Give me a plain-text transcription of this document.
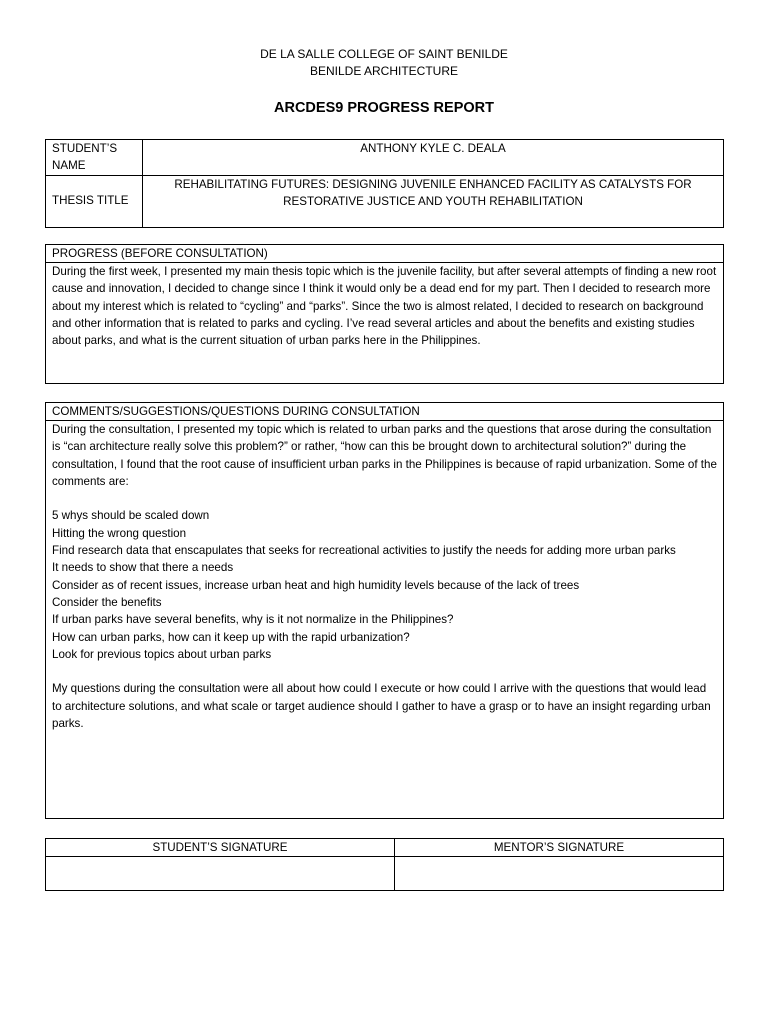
DE LA SALLE COLLEGE OF SAINT BENILDE
BENILDE ARCHITECTURE
ARCDES9 PROGRESS REPORT
STUDENT’S NAME	ANTHONY KYLE C. DEALA
THESIS TITLE	REHABILITATING FUTURES: DESIGNING JUVENILE ENHANCED FACILITY AS CATALYSTS FOR RESTORATIVE JUSTICE AND YOUTH REHABILITATION
PROGRESS (BEFORE CONSULTATION)

During the first week, I presented my main thesis topic which is the juvenile facility, but after several attempts of finding a new root cause and innovation, I decided to change since I think it would only be a dead end for my part. Then I decided to research more about my interest which is related to “cycling” and “parks”. Since the two is almost related, I decided to research on background and other information that is related to parks and cycling. I’ve read several articles and about the benefits and existing studies about parks, and what is the current situation of urban parks here in the Philippines.

COMMENTS/SUGGESTIONS/QUESTIONS DURING CONSULTATION

During the consultation, I presented my topic which is related to urban parks and the questions that arose during the consultation is “can architecture really solve this problem?” or rather, “how can this be brought down to architectural solution?” during the consultation, I found that the root cause of insufficient urban parks in the Philippines is because of rapid urbanization. Some of the comments are:

5 whys should be scaled down
Hitting the wrong question
Find research data that enscapulates that seeks for recreational activities to justify the needs for adding more urban parks
It needs to show that there a needs
Consider as of recent issues, increase urban heat and high humidity levels because of the lack of trees
Consider the benefits
If urban parks have several benefits, why is it not normalize in the Philippines?
How can urban parks, how can it keep up with the rapid urbanization?
Look for previous topics about urban parks

My questions during the consultation were all about how could I execute or how could I arrive with the questions that would lead to architecture solutions, and what scale or target audience should I gather to have a grasp or to have an insight regarding urban parks.

STUDENT’S SIGNATURE	MENTOR’S SIGNATURE
